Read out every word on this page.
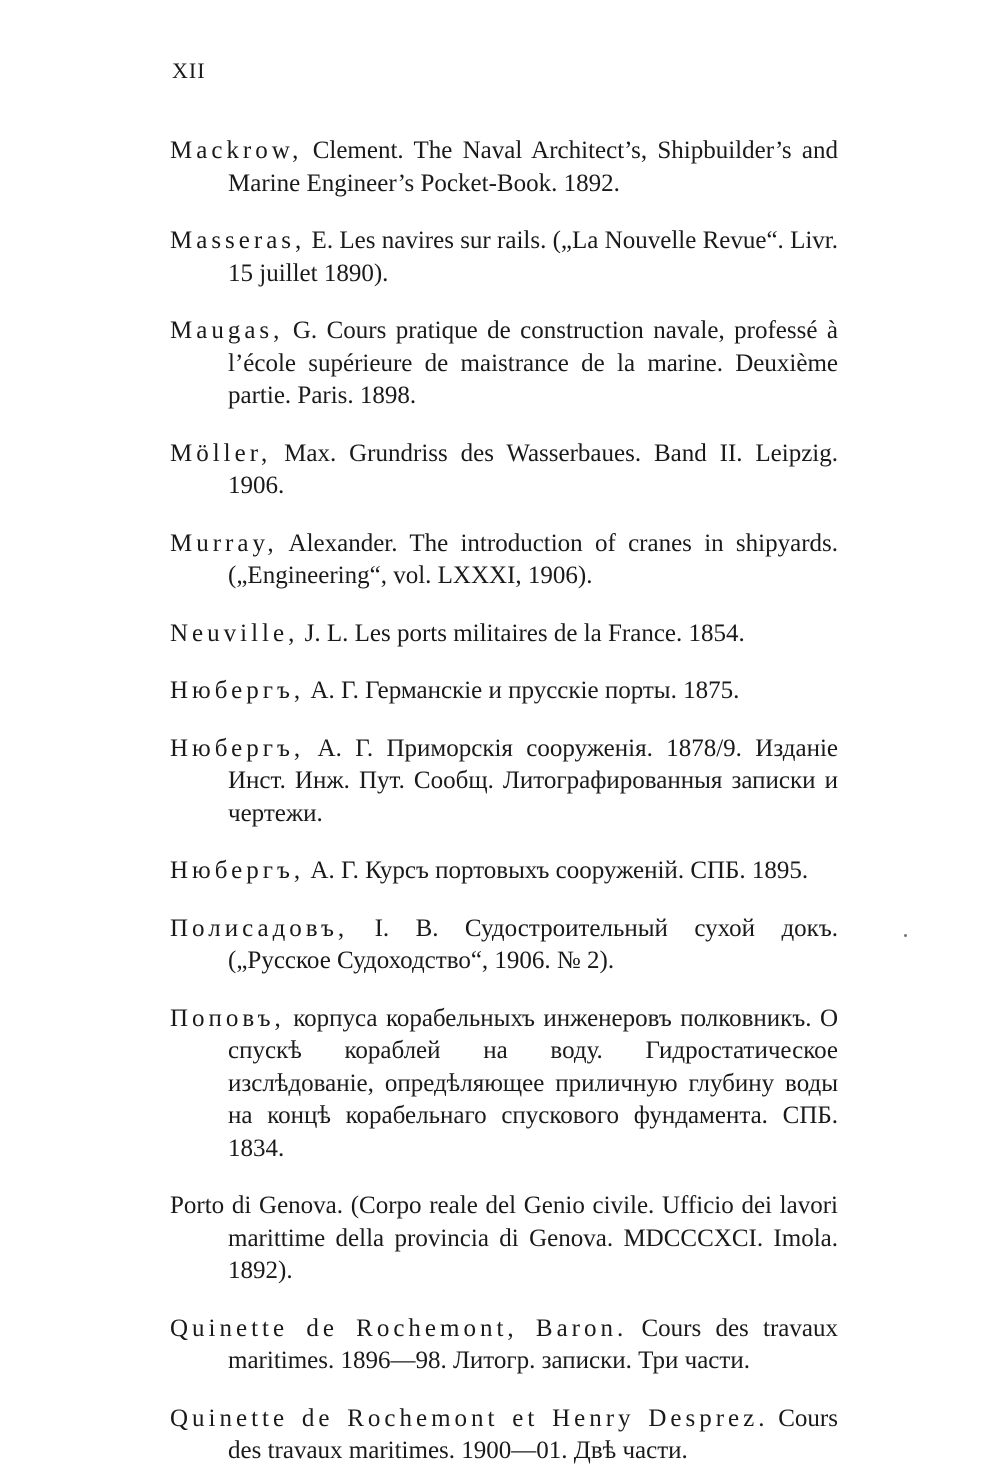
XII

Mackrow, Clement. The Naval Architect’s, Shipbuilder’s and Marine Engineer’s Pocket-Book. 1892.

Masseras, E. Les navires sur rails. („La Nouvelle Revue“. Livr. 15 juillet 1890).

Maugas, G. Cours pratique de construction navale, professé à l’école supérieure de maistrance de la marine. Deuxième partie. Paris. 1898.

Möller, Max. Grundriss des Wasserbaues. Band II. Leipzig. 1906.

Murray, Alexander. The introduction of cranes in shipyards. („Engineering“, vol. LXXXI, 1906).

Neuville, J. L. Les ports militaires de la France. 1854.

Нюбергъ, А. Г. Германскіе и прусскіе порты. 1875.

Нюбергъ, А. Г. Приморскія сооруженія. 1878/9. Изданіе Инст. Инж. Пут. Сообщ. Литографированныя записки и чертежи.

Нюбергъ, А. Г. Курсъ портовыхъ сооруженій. СПБ. 1895.

Полисадовъ, І. В. Судостроительный сухой докъ. („Русское Судоходство“, 1906. № 2).

Поповъ, корпуса корабельныхъ инженеровъ полковникъ. О спускѣ кораблей на воду. Гидростатическое изслѣдованіе, опредѣляющее приличную глубину воды на концѣ корабельнаго спускового фундамента. СПБ. 1834.

Porto di Genova. (Corpo reale del Genio civile. Ufficio dei lavori marittime della provincia di Genova. MDCCCXCI. Imola. 1892).

Quinette de Rochemont, Baron. Cours des travaux maritimes. 1896—98. Литогр. записки. Три части.

Quinette de Rochemont et Henry Desprez. Cours des travaux maritimes. 1900—01. Двѣ части.
